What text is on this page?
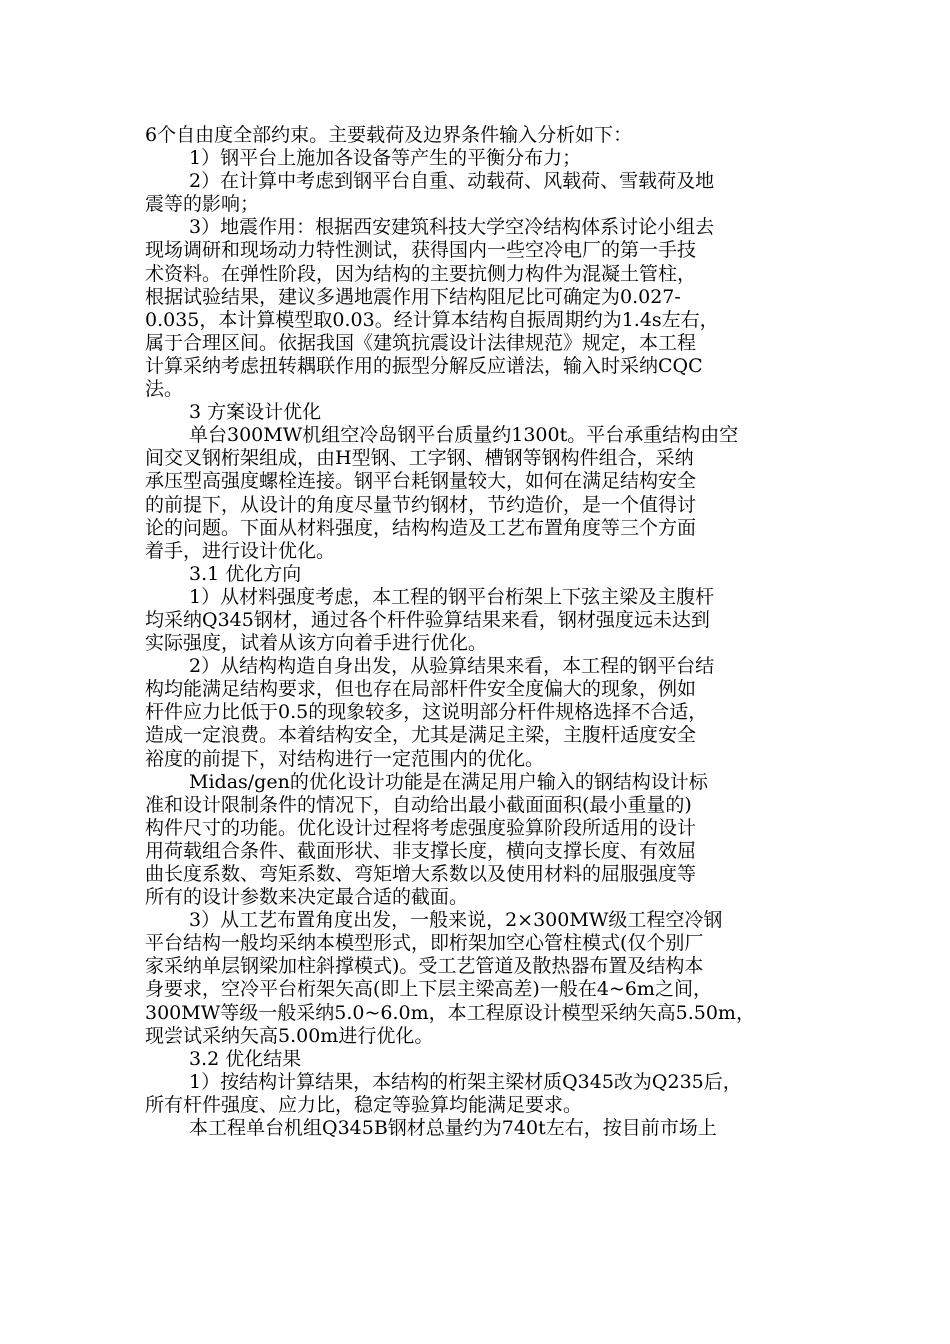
6个自由度全部约束。主要载荷及边界条件输入分析如下：
1）钢平台上施加各设备等产生的平衡分布力；
2）在计算中考虑到钢平台自重、动载荷、风载荷、雪载荷及地
震等的影响；
3）地震作用：根据西安建筑科技大学空冷结构体系讨论小组去
现场调研和现场动力特性测试，获得国内一些空冷电厂的第一手技
术资料。在弹性阶段，因为结构的主要抗侧力构件为混凝土管柱，
根据试验结果，建议多遇地震作用下结构阻尼比可确定为0.027-
0.035，本计算模型取0.03。经计算本结构自振周期约为1.4s左右，
属于合理区间。依据我国《建筑抗震设计法律规范》规定，本工程
计算采纳考虑扭转耦联作用的振型分解反应谱法，输入时采纳CQC
法。
3 方案设计优化
单台300MW机组空冷岛钢平台质量约1300t。平台承重结构由空
间交叉钢桁架组成，由H型钢、工字钢、槽钢等钢构件组合，采纳
承压型高强度螺栓连接。钢平台耗钢量较大，如何在满足结构安全
的前提下，从设计的角度尽量节约钢材，节约造价，是一个值得讨
论的问题。下面从材料强度，结构构造及工艺布置角度等三个方面
着手，进行设计优化。
3.1 优化方向
1）从材料强度考虑，本工程的钢平台桁架上下弦主梁及主腹杆
均采纳Q345钢材，通过各个杆件验算结果来看，钢材强度远未达到
实际强度，试着从该方向着手进行优化。
2）从结构构造自身出发，从验算结果来看，本工程的钢平台结
构均能满足结构要求，但也存在局部杆件安全度偏大的现象，例如
杆件应力比低于0.5的现象较多，这说明部分杆件规格选择不合适，
造成一定浪费。本着结构安全，尤其是满足主梁，主腹杆适度安全
裕度的前提下，对结构进行一定范围内的优化。
Midas/gen的优化设计功能是在满足用户输入的钢结构设计标
准和设计限制条件的情况下，自动给出最小截面面积(最小重量的)
构件尺寸的功能。优化设计过程将考虑强度验算阶段所适用的设计
用荷载组合条件、截面形状、非支撑长度，横向支撑长度、有效屈
曲长度系数、弯矩系数、弯矩增大系数以及使用材料的屈服强度等
所有的设计参数来决定最合适的截面。
3）从工艺布置角度出发，一般来说，2×300MW级工程空冷钢
平台结构一般均采纳本模型形式，即桁架加空心管柱模式(仅个别厂
家采纳单层钢梁加柱斜撑模式)。受工艺管道及散热器布置及结构本
身要求，空冷平台桁架矢高(即上下层主梁高差)一般在4~6m之间，
300MW等级一般采纳5.0~6.0m，本工程原设计模型采纳矢高5.50m，
现尝试采纳矢高5.00m进行优化。
3.2 优化结果
1）按结构计算结果，本结构的桁架主梁材质Q345改为Q235后，
所有杆件强度、应力比，稳定等验算均能满足要求。
本工程单台机组Q345B钢材总量约为740t左右，按目前市场上
